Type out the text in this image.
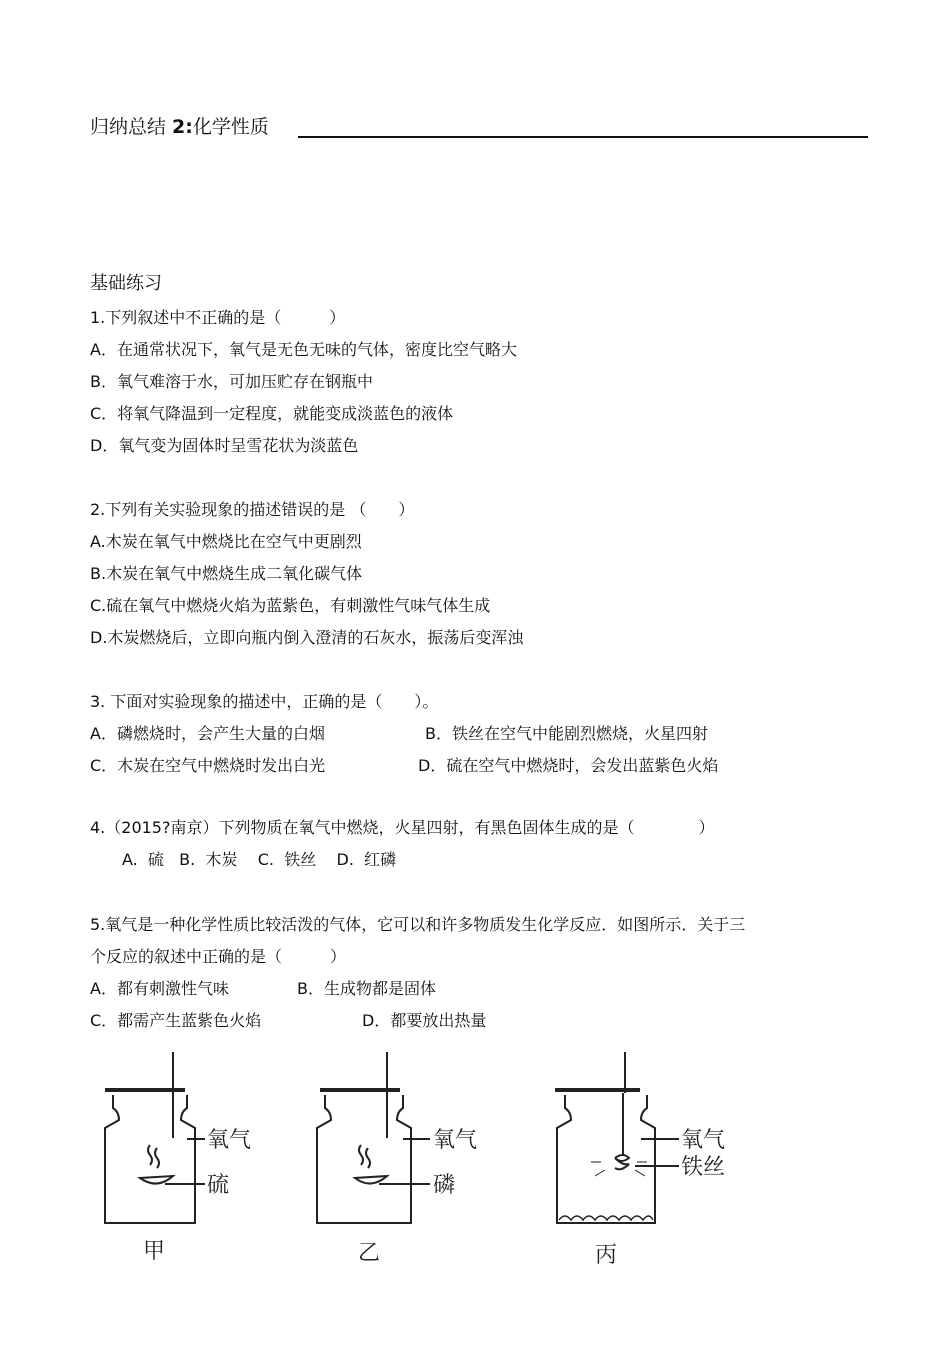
归纳总结 2:化学性质
基础练习
1.下列叙述中不正确的是（　　　）
A．在通常状况下，氧气是无色无味的气体，密度比空气略大
B．氧气难溶于水，可加压贮存在钢瓶中
C．将氧气降温到一定程度，就能变成淡蓝色的液体
D．氧气变为固体时呈雪花状为淡蓝色
2.下列有关实验现象的描述错误的是 （　　）
A.木炭在氧气中燃烧比在空气中更剧烈
B.木炭在氧气中燃烧生成二氧化碳气体
C.硫在氧气中燃烧火焰为蓝紫色，有刺激性气味气体生成
D.木炭燃烧后，立即向瓶内倒入澄清的石灰水，振荡后变浑浊
3. 下面对实验现象的描述中，正确的是（　　）。
A．磷燃烧时，会产生大量的白烟	B．铁丝在空气中能剧烈燃烧，火星四射
C．木炭在空气中燃烧时发出白光	D．硫在空气中燃烧时，会发出蓝紫色火焰
4.（2015?南京）下列物质在氧气中燃烧，火星四射，有黑色固体生成的是（　　　　）
A.  硫   B.  木炭    C.  铁丝    D.  红磷
5.氧气是一种化学性质比较活泼的气体，它可以和许多物质发生化学反应．如图所示．关于三
个反应的叙述中正确的是（　　　）
A．都有刺激性气味	B．生成物都是固体
C．都需产生蓝紫色火焰	D．都要放出热量
氧气
硫
甲
氧气
磷
乙
氧气
铁丝
丙
